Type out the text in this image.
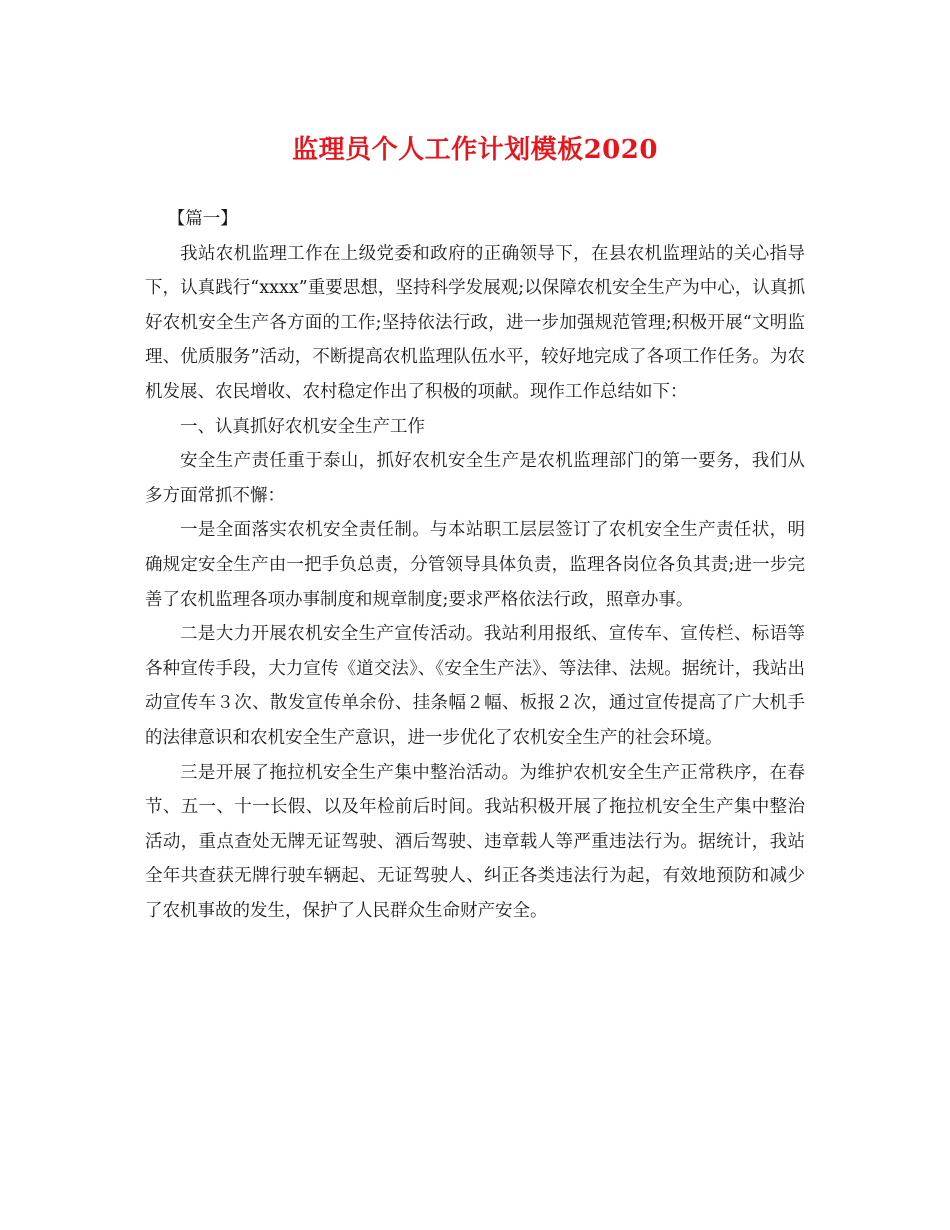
监理员个人工作计划模板2020

【篇一】

我站农机监理工作在上级党委和政府的正确领导下，在县农机监理站的关心指导下，认真践行“xxxx”重要思想，坚持科学发展观;以保障农机安全生产为中心，认真抓好农机安全生产各方面的工作;坚持依法行政，进一步加强规范管理;积极开展“文明监理、优质服务”活动，不断提高农机监理队伍水平，较好地完成了各项工作任务。为农机发展、农民增收、农村稳定作出了积极的项献。现作工作总结如下：

一、认真抓好农机安全生产工作

安全生产责任重于泰山，抓好农机安全生产是农机监理部门的第一要务，我们从多方面常抓不懈：

一是全面落实农机安全责任制。与本站职工层层签订了农机安全生产责任状，明确规定安全生产由一把手负总责，分管领导具体负责，监理各岗位各负其责;进一步完善了农机监理各项办事制度和规章制度;要求严格依法行政，照章办事。

二是大力开展农机安全生产宣传活动。我站利用报纸、宣传车、宣传栏、标语等各种宣传手段，大力宣传《道交法》、《安全生产法》、等法律、法规。据统计，我站出动宣传车３次、散发宣传单余份、挂条幅２幅、板报２次，通过宣传提高了广大机手的法律意识和农机安全生产意识，进一步优化了农机安全生产的社会环境。

三是开展了拖拉机安全生产集中整治活动。为维护农机安全生产正常秩序，在春节、五一、十一长假、以及年检前后时间。我站积极开展了拖拉机安全生产集中整治活动，重点查处无牌无证驾驶、酒后驾驶、违章载人等严重违法行为。据统计，我站全年共查获无牌行驶车辆起、无证驾驶人、纠正各类违法行为起，有效地预防和减少了农机事故的发生，保护了人民群众生命财产安全。
